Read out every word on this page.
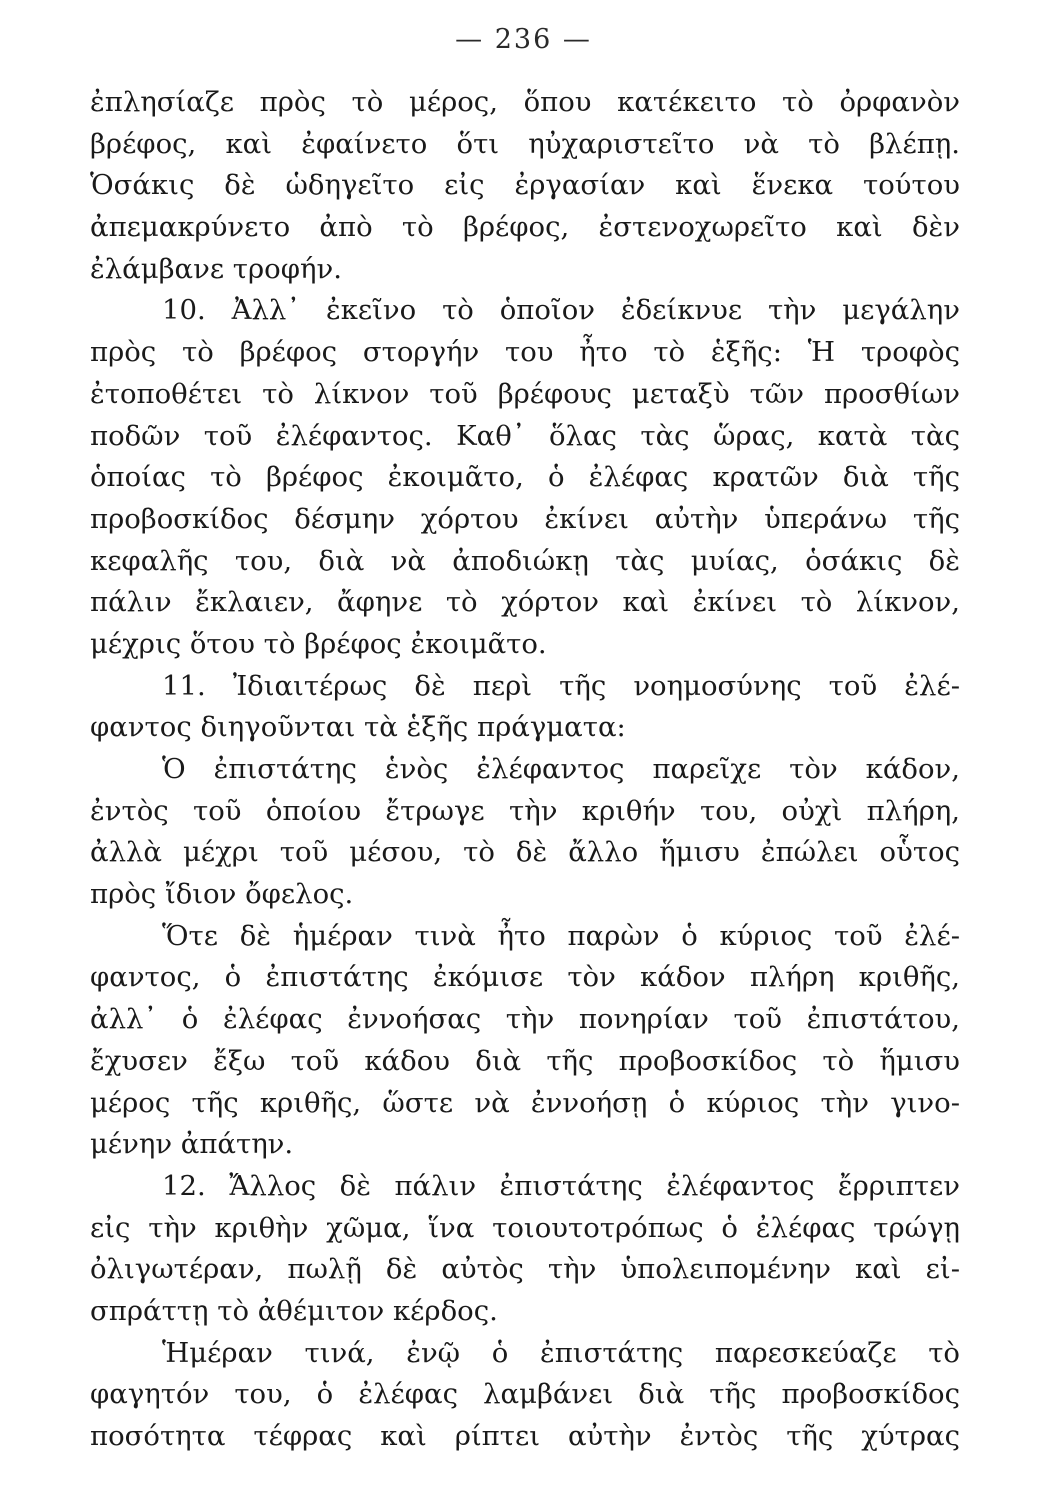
— 236 —
ἐπλησίαζε πρὸς τὸ μέρος, ὅπου κατέκειτο τὸ ὀρφανὸν
βρέφος, καὶ ἐφαίνετο ὅτι ηὐχαριστεῖτο νὰ τὸ βλέπῃ.
Ὁσάκις δὲ ὡδηγεῖτο εἰς ἐργασίαν καὶ ἕνεκα τούτου
ἀπεμακρύνετο ἀπὸ τὸ βρέφος, ἐστενοχωρεῖτο καὶ δὲν
ἐλάμβανε τροφήν.
10. Ἀλλ᾽ ἐκεῖνο τὸ ὁποῖον ἐδείκνυε τὴν μεγάλην
πρὸς τὸ βρέφος στοργήν του ἦτο τὸ ἑξῆς: Ἡ τροφὸς
ἐτοποθέτει τὸ λίκνον τοῦ βρέφους μεταξὺ τῶν προσθίων
ποδῶν τοῦ ἐλέφαντος. Καθ᾽ ὅλας τὰς ὥρας, κατὰ τὰς
ὁποίας τὸ βρέφος ἐκοιμᾶτο, ὁ ἐλέφας κρατῶν διὰ τῆς
προβοσκίδος δέσμην χόρτου ἐκίνει αὐτὴν ὑπεράνω τῆς
κεφαλῆς του, διὰ νὰ ἀποδιώκῃ τὰς μυίας, ὁσάκις δὲ
πάλιν ἔκλαιεν, ἄφηνε τὸ χόρτον καὶ ἐκίνει τὸ λίκνον,
μέχρις ὅτου τὸ βρέφος ἐκοιμᾶτο.
11. Ἰδιαιτέρως δὲ περὶ τῆς νοημοσύνης τοῦ ἐλέ-
φαντος διηγοῦνται τὰ ἑξῆς πράγματα:
Ὁ ἐπιστάτης ἑνὸς ἐλέφαντος παρεῖχε τὸν κάδον,
ἐντὸς τοῦ ὁποίου ἔτρωγε τὴν κριθήν του, οὐχὶ πλήρη,
ἀλλὰ μέχρι τοῦ μέσου, τὸ δὲ ἄλλο ἥμισυ ἐπώλει οὗτος
πρὸς ἴδιον ὄφελος.
Ὅτε δὲ ἡμέραν τινὰ ἦτο παρὼν ὁ κύριος τοῦ ἐλέ-
φαντος, ὁ ἐπιστάτης ἐκόμισε τὸν κάδον πλήρη κριθῆς,
ἀλλ᾽ ὁ ἐλέφας ἐννοήσας τὴν πονηρίαν τοῦ ἐπιστάτου,
ἔχυσεν ἔξω τοῦ κάδου διὰ τῆς προβοσκίδος τὸ ἥμισυ
μέρος τῆς κριθῆς, ὥστε νὰ ἐννοήσῃ ὁ κύριος τὴν γινο-
μένην ἀπάτην.
12. Ἄλλος δὲ πάλιν ἐπιστάτης ἐλέφαντος ἔρριπτεν
εἰς τὴν κριθὴν χῶμα, ἵνα τοιουτοτρόπως ὁ ἐλέφας τρώγῃ
ὀλιγωτέραν, πωλῇ δὲ αὐτὸς τὴν ὑπολειπομένην καὶ εἰ-
σπράττῃ τὸ ἀθέμιτον κέρδος.
Ἡμέραν τινά, ἐνῷ ὁ ἐπιστάτης παρεσκεύαζε τὸ
φαγητόν του, ὁ ἐλέφας λαμβάνει διὰ τῆς προβοσκίδος
ποσότητα τέφρας καὶ ρίπτει αὐτὴν ἐντὸς τῆς χύτρας
